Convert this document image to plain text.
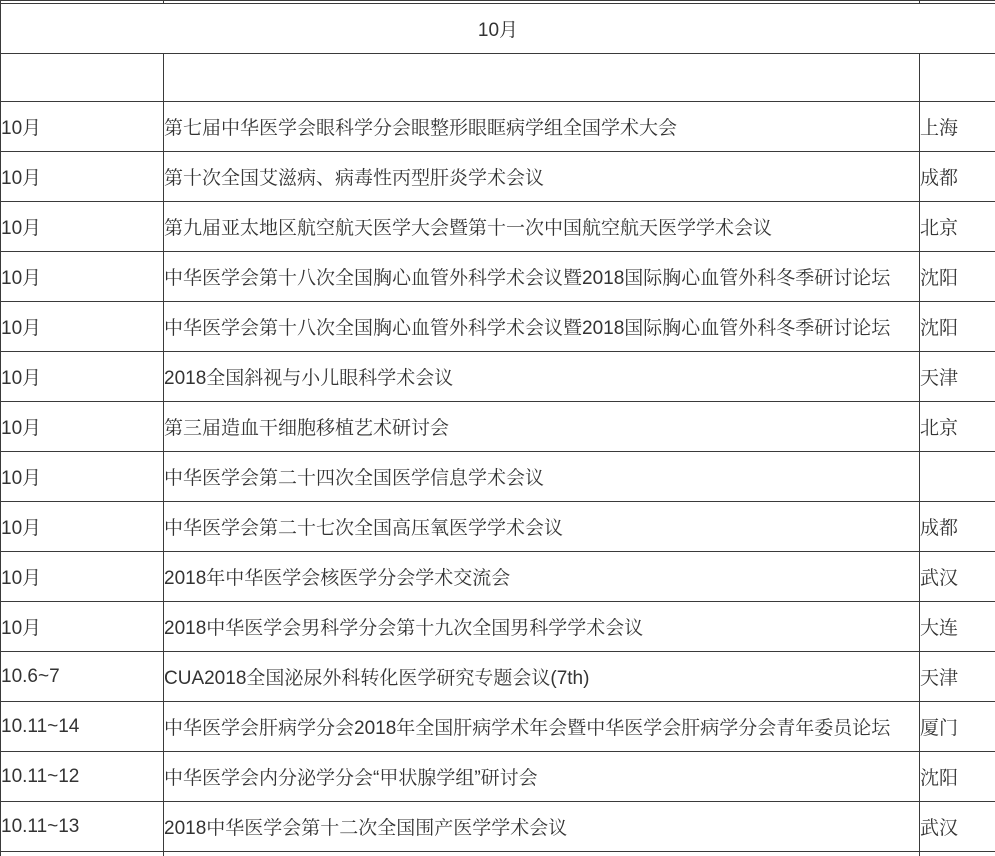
10月		

10月	第七届中华医学会眼科学分会眼整形眼眶病学组全国学术大会	上海
10月	第十次全国艾滋病、病毒性丙型肝炎学术会议	成都
10月	第九届亚太地区航空航天医学大会暨第十一次中国航空航天医学学术会议	北京
10月	中华医学会第十八次全国胸心血管外科学术会议暨2018国际胸心血管外科冬季研讨论坛	沈阳
10月	中华医学会第十八次全国胸心血管外科学术会议暨2018国际胸心血管外科冬季研讨论坛	沈阳
10月	2018全国斜视与小儿眼科学术会议	天津
10月	第三届造血干细胞移植艺术研讨会	北京
10月	中华医学会第二十四次全国医学信息学术会议	
10月	中华医学会第二十七次全国高压氧医学学术会议	成都
10月	2018年中华医学会核医学分会学术交流会	武汉
10月	2018中华医学会男科学分会第十九次全国男科学学术会议	大连
10.6~7	CUA2018全国泌尿外科转化医学研究专题会议(7th)	天津
10.11~14	中华医学会肝病学分会2018年全国肝病学术年会暨中华医学会肝病学分会青年委员论坛	厦门
10.11~12	中华医学会内分泌学分会“甲状腺学组”研讨会	沈阳
10.11~13	2018中华医学会第十二次全国围产医学学术会议	武汉
